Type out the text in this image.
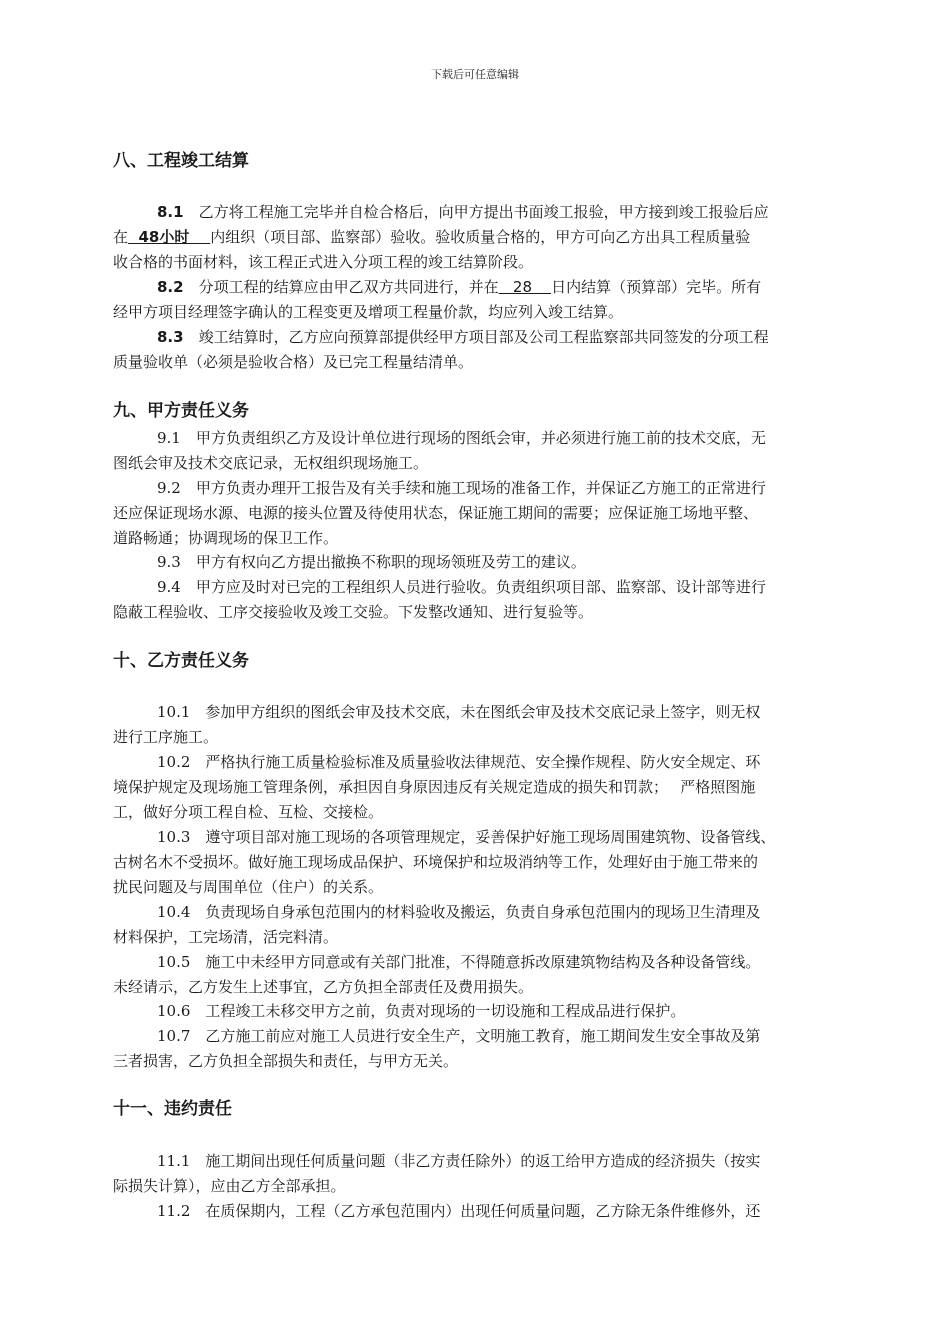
下载后可任意编辑
八、工程竣工结算
8.1　 乙方将工程施工完毕并自检合格后，向甲方提出书面竣工报验，甲方接到竣工报验后应
在  48小时    内组织（项目部、监察部）验收。验收质量合格的，甲方可向乙方出具工程质量验
收合格的书面材料，该工程正式进入分项工程的竣工结算阶段。
8.2　 分项工程的结算应由甲乙双方共同进行，并在   28    日内结算（预算部）完毕。所有
经甲方项目经理签字确认的工程变更及增项工程量价款，均应列入竣工结算。
8.3　 竣工结算时，乙方应向预算部提供经甲方项目部及公司工程监察部共同签发的分项工程
质量验收单（必须是验收合格）及已完工程量结清单。
九、甲方责任义务
9.1　甲方负责组织乙方及设计单位进行现场的图纸会审，并必须进行施工前的技术交底，无
图纸会审及技术交底记录，无权组织现场施工。
9.2　甲方负责办理开工报告及有关手续和施工现场的准备工作，并保证乙方施工的正常进行
还应保证现场水源、电源的接头位置及待使用状态，保证施工期间的需要；应保证施工场地平整、
道路畅通；协调现场的保卫工作。
9.3　甲方有权向乙方提出撤换不称职的现场领班及劳工的建议。
9.4　甲方应及时对已完的工程组织人员进行验收。负责组织项目部、监察部、设计部等进行
隐蔽工程验收、工序交接验收及竣工交验。下发整改通知、进行复验等。
十、乙方责任义务
10.1　参加甲方组织的图纸会审及技术交底，未在图纸会审及技术交底记录上签字，则无权
进行工序施工。
10.2　严格执行施工质量检验标准及质量验收法律规范、安全操作规程、防火安全规定、环
境保护规定及现场施工管理条例，承担因自身原因违反有关规定造成的损失和罚款；　 严格照图施
工，做好分项工程自检、互检、交接检。
10.3　遵守项目部对施工现场的各项管理规定，妥善保护好施工现场周围建筑物、设备管线、
古树名木不受损坏。做好施工现场成品保护、环境保护和垃圾消纳等工作，处理好由于施工带来的
扰民问题及与周围单位（住户）的关系。
10.4　负责现场自身承包范围内的材料验收及搬运，负责自身承包范围内的现场卫生清理及
材料保护，工完场清，活完料清。
10.5　施工中未经甲方同意或有关部门批准，不得随意拆改原建筑物结构及各种设备管线。
未经请示，乙方发生上述事宜，乙方负担全部责任及费用损失。
10.6　工程竣工未移交甲方之前，负责对现场的一切设施和工程成品进行保护。
10.7　乙方施工前应对施工人员进行安全生产，文明施工教育，施工期间发生安全事故及第
三者损害，乙方负担全部损失和责任，与甲方无关。
十一、违约责任
11.1　施工期间出现任何质量问题（非乙方责任除外）的返工给甲方造成的经济损失（按实
际损失计算），应由乙方全部承担。
11.2　在质保期内，工程（乙方承包范围内）出现任何质量问题，乙方除无条件维修外，还
